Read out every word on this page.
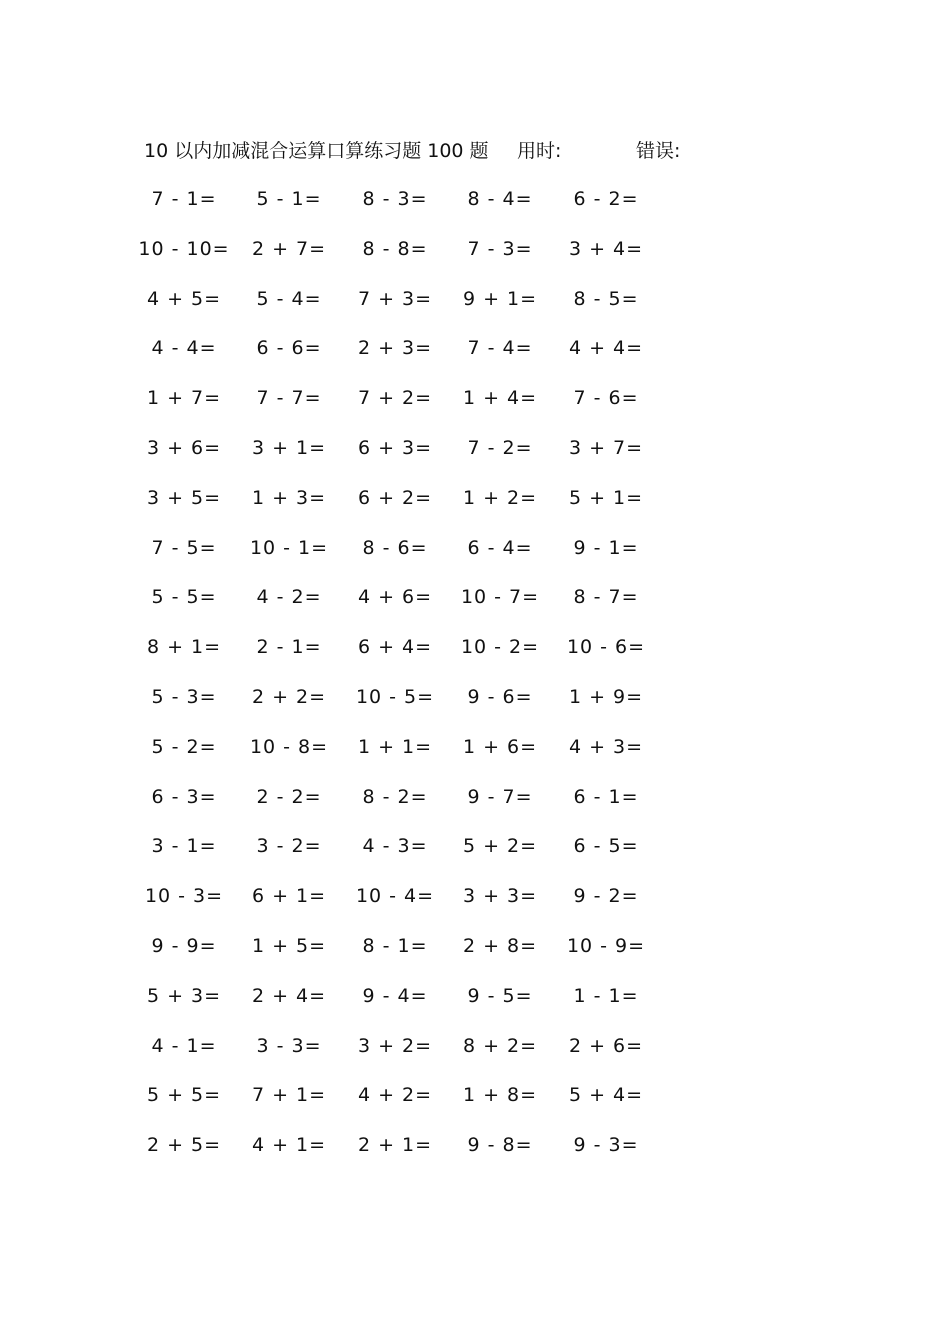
10 以内加减混合运算口算练习题 100 题 用时:	错误:
7 - 1= 5 - 1= 8 - 3= 8 - 4= 6 - 2=
10 - 10= 2 + 7= 8 - 8= 7 - 3= 3 + 4=
4 + 5= 5 - 4= 7 + 3= 9 + 1= 8 - 5=
4 - 4= 6 - 6= 2 + 3= 7 - 4= 4 + 4=
1 + 7= 7 - 7= 7 + 2= 1 + 4= 7 - 6=
3 + 6= 3 + 1= 6 + 3= 7 - 2= 3 + 7=
3 + 5= 1 + 3= 6 + 2= 1 + 2= 5 + 1=
7 - 5= 10 - 1= 8 - 6= 6 - 4= 9 - 1=
5 - 5= 4 - 2= 4 + 6= 10 - 7= 8 - 7=
8 + 1= 2 - 1= 6 + 4= 10 - 2= 10 - 6=
5 - 3= 2 + 2= 10 - 5= 9 - 6= 1 + 9=
5 - 2= 10 - 8= 1 + 1= 1 + 6= 4 + 3=
6 - 3= 2 - 2= 8 - 2= 9 - 7= 6 - 1=
3 - 1= 3 - 2= 4 - 3= 5 + 2= 6 - 5=
10 - 3= 6 + 1= 10 - 4= 3 + 3= 9 - 2=
9 - 9= 1 + 5= 8 - 1= 2 + 8= 10 - 9=
5 + 3= 2 + 4= 9 - 4= 9 - 5= 1 - 1=
4 - 1= 3 - 3= 3 + 2= 8 + 2= 2 + 6=
5 + 5= 7 + 1= 4 + 2= 1 + 8= 5 + 4=
2 + 5= 4 + 1= 2 + 1= 9 - 8= 9 - 3=
